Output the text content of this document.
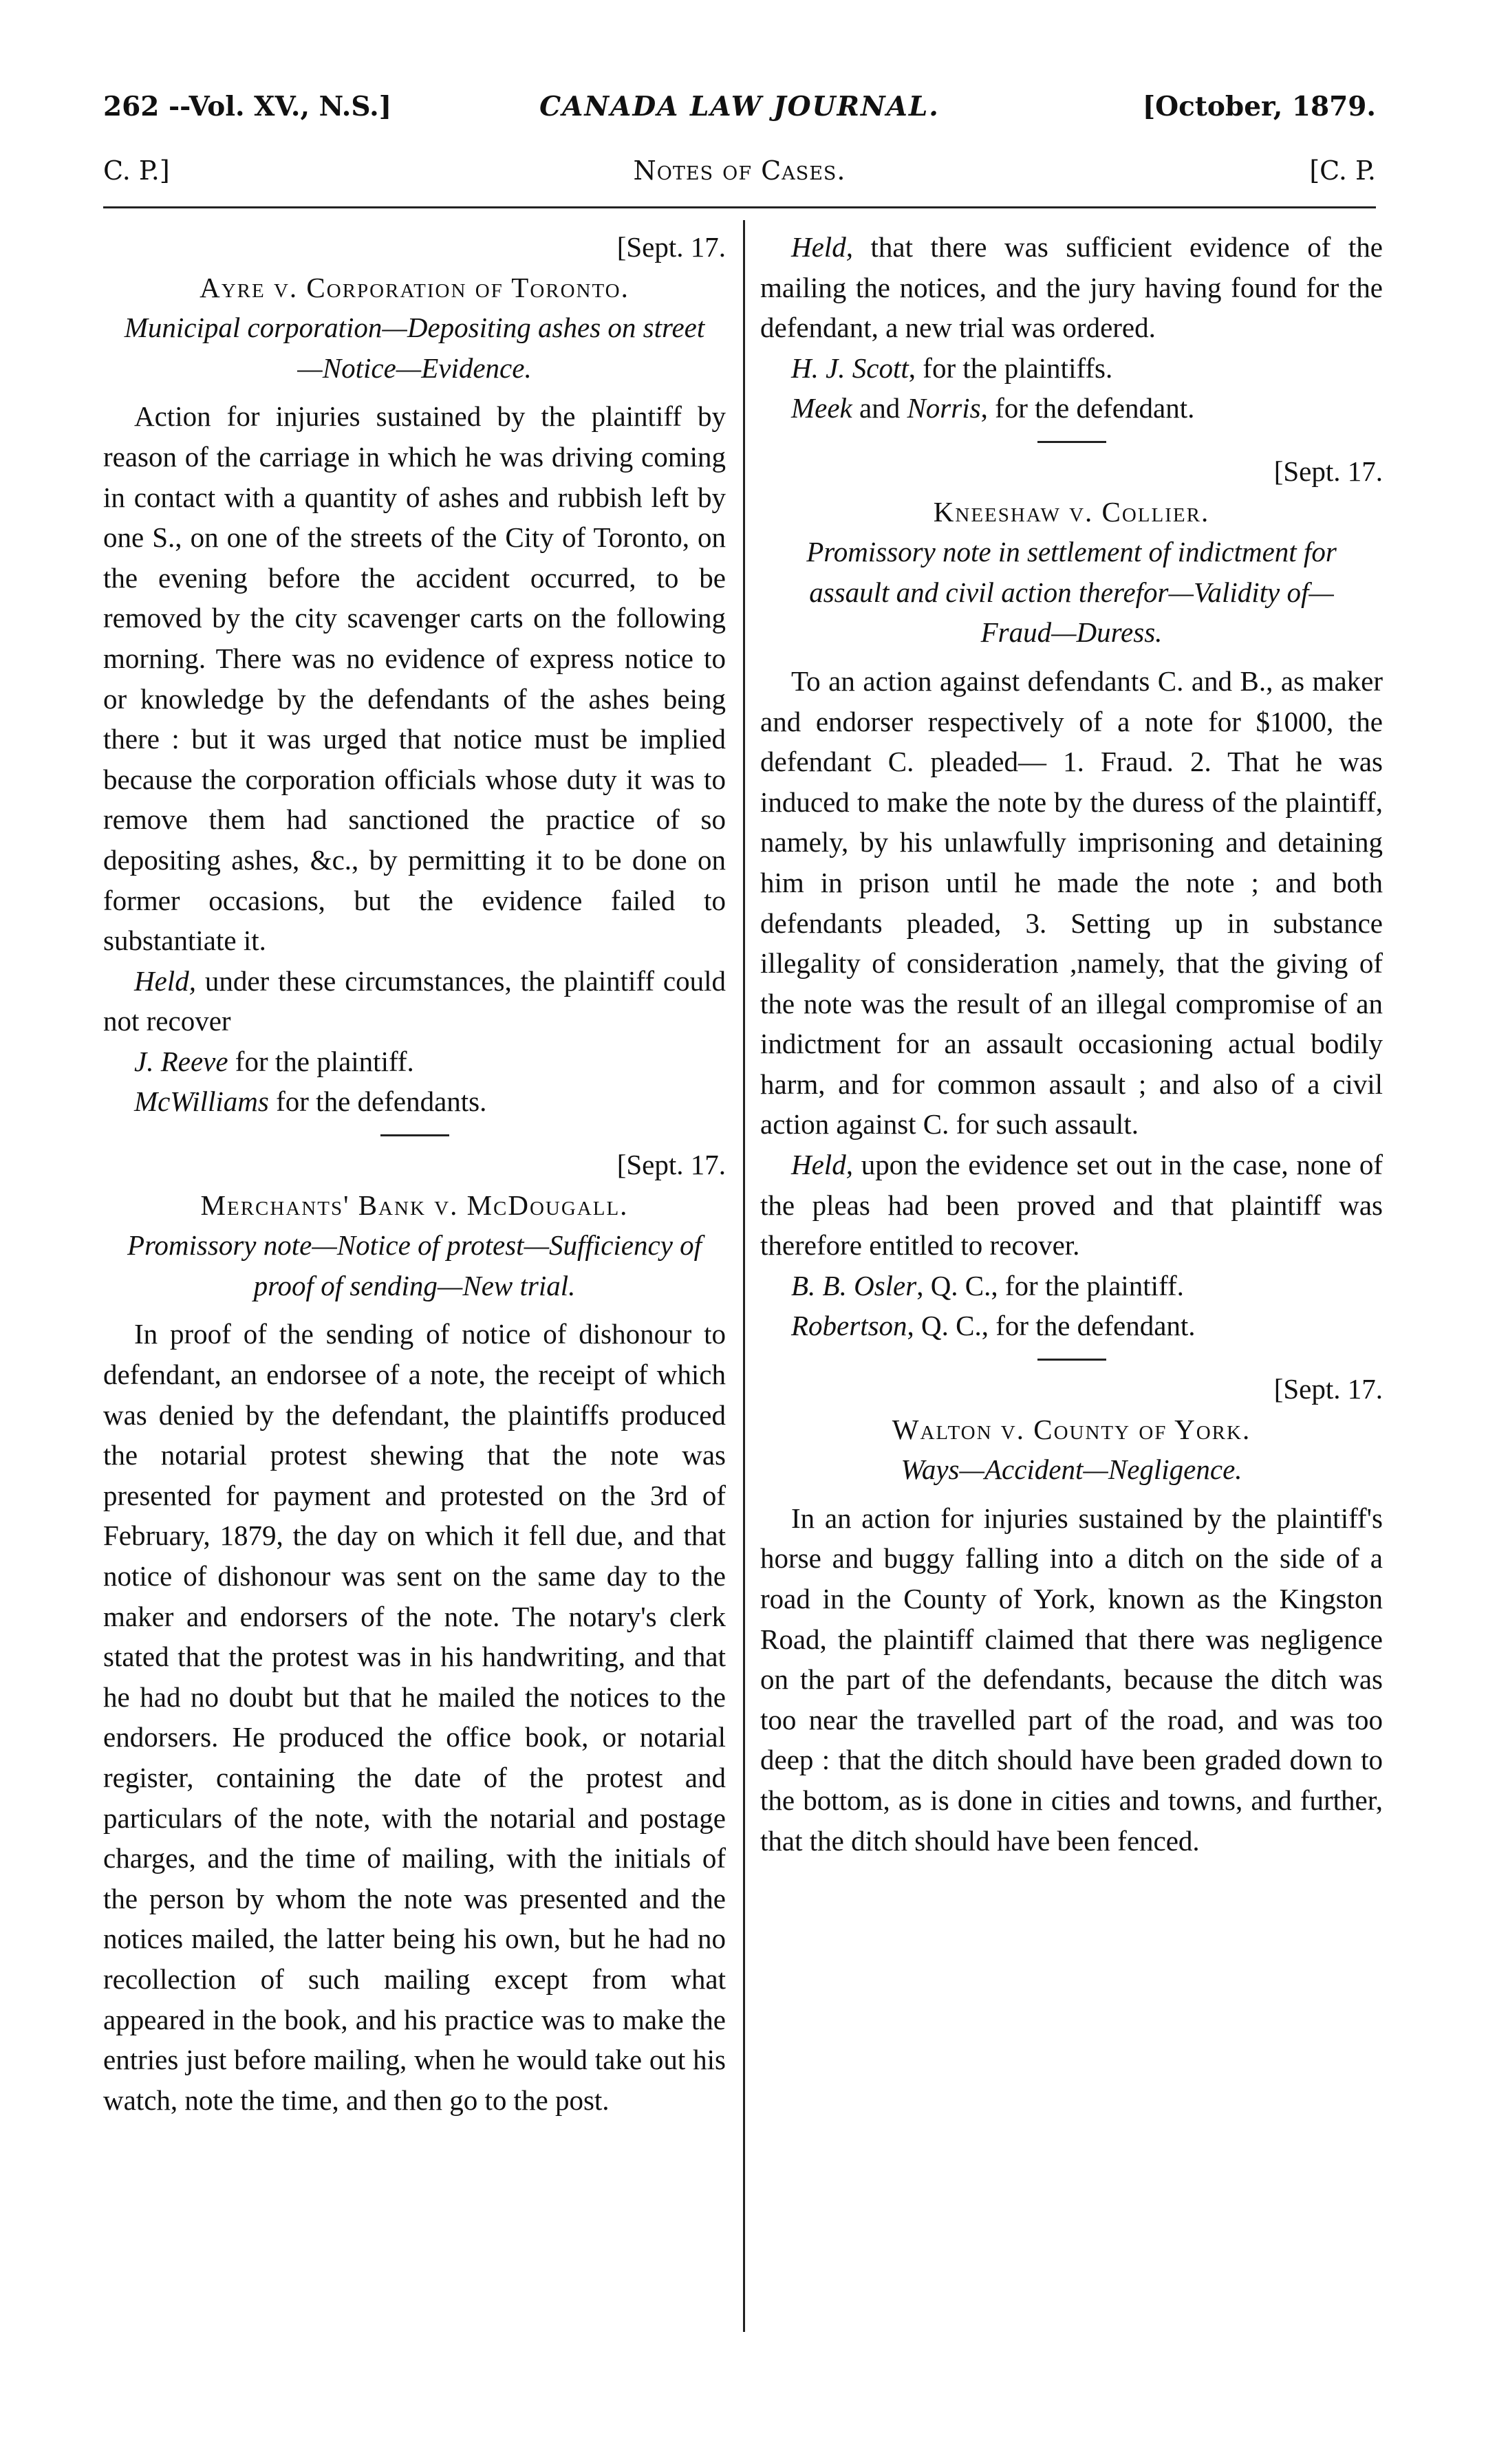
262 --Vol. XV., N.S.]	CANADA LAW JOURNAL.	[October, 1879.
C. P.]	Notes of Cases.	[C. P.

[Sept. 17.

Ayre v. Corporation of Toronto.

Municipal corporation—Depositing ashes on street—Notice—Evidence.

Action for injuries sustained by the plaintiff by reason of the carriage in which he was driving coming in contact with a quantity of ashes and rubbish left by one S., on one of the streets of the City of Toronto, on the evening before the accident occurred, to be removed by the city scavenger carts on the following morning. There was no evidence of express notice to or knowledge by the defendants of the ashes being there : but it was urged that notice must be implied because the corporation officials whose duty it was to remove them had sanctioned the practice of so depositing ashes, &c., by permitting it to be done on former occasions, but the evidence failed to substantiate it.

Held, under these circumstances, the plaintiff could not recover

J. Reeve for the plaintiff.

McWilliams for the defendants.

[Sept. 17.

Merchants' Bank v. McDougall.

Promissory note—Notice of protest—Sufficiency of proof of sending—New trial.

In proof of the sending of notice of dishonour to defendant, an endorsee of a note, the receipt of which was denied by the defendant, the plaintiffs produced the notarial protest shewing that the note was presented for payment and protested on the 3rd of February, 1879, the day on which it fell due, and that notice of dishonour was sent on the same day to the maker and endorsers of the note. The notary's clerk stated that the protest was in his handwriting, and that he had no doubt but that he mailed the notices to the endorsers. He produced the office book, or notarial register, containing the date of the protest and particulars of the note, with the notarial and postage charges, and the time of mailing, with the initials of the person by whom the note was presented and the notices mailed, the latter being his own, but he had no recollection of such mailing except from what appeared in the book, and his practice was to make the entries just before mailing, when he would take out his watch, note the time, and then go to the post.

Held, that there was sufficient evidence of the mailing the notices, and the jury having found for the defendant, a new trial was ordered.

H. J. Scott, for the plaintiffs.

Meek and Norris, for the defendant.

[Sept. 17.

Kneeshaw v. Collier.

Promissory note in settlement of indictment for assault and civil action therefor—Validity of—Fraud—Duress.

To an action against defendants C. and B., as maker and endorser respectively of a note for $1000, the defendant C. pleaded— 1. Fraud. 2. That he was induced to make the note by the duress of the plaintiff, namely, by his unlawfully imprisoning and detaining him in prison until he made the note ; and both defendants pleaded, 3. Setting up in substance illegality of consideration ,namely, that the giving of the note was the result of an illegal compromise of an indictment for an assault occasioning actual bodily harm, and for common assault ; and also of a civil action against C. for such assault.

Held, upon the evidence set out in the case, none of the pleas had been proved and that plaintiff was therefore entitled to recover.

B. B. Osler, Q. C., for the plaintiff.

Robertson, Q. C., for the defendant.

[Sept. 17.

Walton v. County of York.

Ways—Accident—Negligence.

In an action for injuries sustained by the plaintiff's horse and buggy falling into a ditch on the side of a road in the County of York, known as the Kingston Road, the plaintiff claimed that there was negligence on the part of the defendants, because the ditch was too near the travelled part of the road, and was too deep : that the ditch should have been graded down to the bottom, as is done in cities and towns, and further, that the ditch should have been fenced.
